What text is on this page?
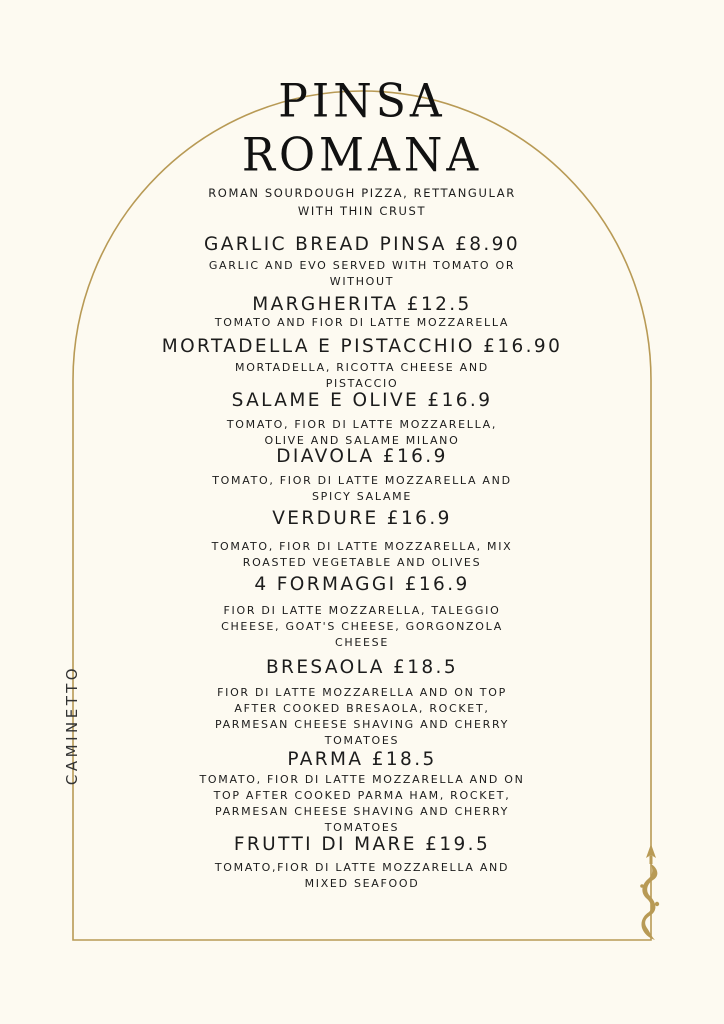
PINSA
ROMANA
ROMAN SOURDOUGH PIZZA, RETTANGULAR WITH THIN CRUST
GARLIC BREAD PINSA £8.90
GARLIC AND EVO SERVED WITH TOMATO OR WITHOUT
MARGHERITA £12.5
TOMATO AND FIOR DI LATTE MOZZARELLA
MORTADELLA E PISTACCHIO £16.90
MORTADELLA, RICOTTA CHEESE AND PISTACCIO
SALAME E OLIVE £16.9
TOMATO, FIOR DI LATTE MOZZARELLA, OLIVE AND SALAME MILANO
DIAVOLA £16.9
TOMATO, FIOR DI LATTE MOZZARELLA AND SPICY SALAME
VERDURE £16.9
TOMATO, FIOR DI LATTE MOZZARELLA, MIX ROASTED VEGETABLE AND OLIVES
4 FORMAGGI £16.9
FIOR DI LATTE MOZZARELLA, TALEGGIO CHEESE, GOAT'S CHEESE, GORGONZOLA CHEESE
BRESAOLA £18.5
FIOR DI LATTE MOZZARELLA AND ON TOP AFTER COOKED BRESAOLA, ROCKET, PARMESAN CHEESE SHAVING AND CHERRY TOMATOES
PARMA £18.5
TOMATO, FIOR DI LATTE MOZZARELLA AND ON TOP AFTER COOKED PARMA HAM, ROCKET, PARMESAN CHEESE SHAVING AND CHERRY TOMATOES
FRUTTI DI MARE £19.5
TOMATO,FIOR DI LATTE MOZZARELLA AND MIXED SEAFOOD
CAMINETTO
